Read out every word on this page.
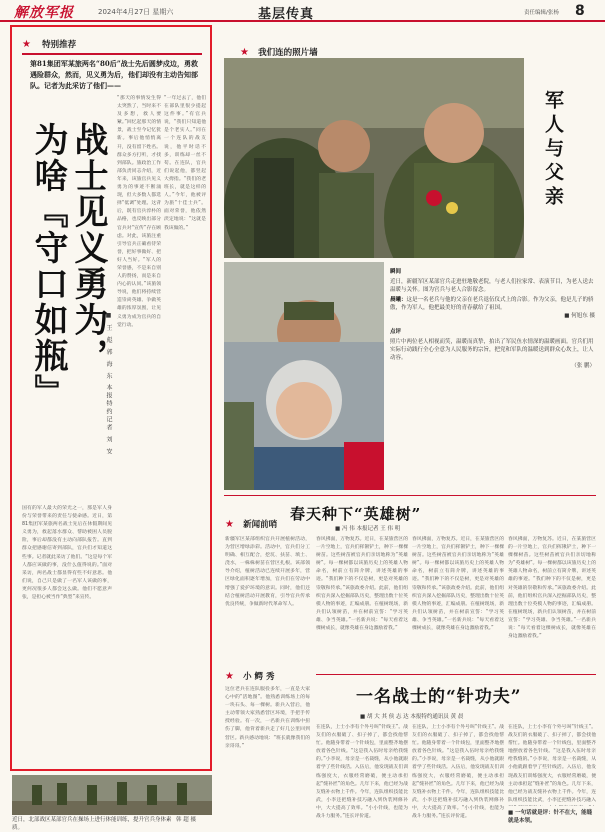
解放军报	2024年4月27日 星期六	基层传真	责任编辑/张杨 8
★ 特别推荐
第81集团军某旅两名“80后”战士先后圆梦戍边，勇救遇险群众，然而，见义勇为后，他们却没有主动告知部队。记者为此采访了他们——
战士见义勇为，
为啥『守口如瓶』	■ 王 彪 郭 海 东 本报特约记者 刘 安
国有的军人最大的荣光之一，那是军人身份与荣誉带来的责任与使命感。近日，第81集团军某旅两名战士先后在休假期间见义勇为，救起落水群众、帮助被困人员脱险，事后却都没有主动向部队报告。直到群众把感谢信寄到部队，官兵们才知道这些事。记者就此采访了他们。“这是每个军人都应该做的事，没什么值得说的。”面对采访，两名战士都显得有些不好意思。他们说，自己只是做了一名军人该做的事，更何况很多人都会这么做。他们不愿意声张，是担心被当作“典型”来宣传。
“那天的事情发生得太突然了，当时来不及多想，救人要紧。”回忆起那天的情景，战士至今记忆犹新。事后他悄悄离开，没有留下姓名。群众多方打听，才找到部队。旅政治工作部负责同志介绍，近年来，该旅官兵见义勇为的事迹不断涌现，但大多数人都选择“低调”处理。这背后，既有官兵淳朴的品格，也反映出部分官兵对“宣传”存在顾虑。对此，该旅注重引导官兵正确看待荣誉，把好事做好、把好人当好。“军人的荣誉感，不是来自别人的赞扬，而是来自内心的认同。”该旅领导说，他们将持续营造崇尚英雄、争做英雄的浓厚氛围，让见义勇为成为官兵的自觉行动。
“一年过去了，他们在部队里很少提起这件事。”有官兵说，“我们只知道他是个老实人。”同在一个连队的战友说，他平时话不多，训练却一丝不苟。在连队，官兵们说起他，都竖起大拇指。“我们的老班长，就是这样的人。”今年，他被评为旅“十佳士兵”。面对荣誉，他依然淡定地说：“这就是我该做的。”
★ 我们连的照片墙
军人与父亲
瞬间
近日，新疆军区某部官兵走进驻地敬老院，与老人们拉家常、表演节目，为老人送去温暖与关怀。图为官兵与老人合影留念。
晨曦：这是一名老兵与他的父亲在老兵退伍仪式上的合影。作为父亲，他是儿子的骄傲，作为军人，他把最美好的青春献给了祖国。
■ 何旭东 摄
点评
照片中两位老人相视而笑，温暖而真挚，拍出了军民鱼水情深的温暖画面。官兵们用实际行动践行全心全意为人民服务的宗旨，把党和军队的温暖送到群众心坎上，让人动容。
（张 鹏）
春天种下“英雄树”
■ 冯 伟 本报记者 王 伟 明
春风拂面，万物复苏。近日，在某旅营区的一片空地上，官兵们挥锹铲土，种下一棵棵树苗。这些树苗被官兵们亲切地称为“英雄树”。每一棵树都以该旅历史上的英雄人物命名，树前立有简介牌，讲述英雄的事迹。“我们种下的不仅是树，更是对英雄的崇敬和传承。”该旅政委介绍。此前，他们组织官兵深入挖掘部队历史，整理出数十位英模人物的事迹，汇编成册。在植树现场，新兵们认领树苗，并在树前宣誓：“学习英雄、争当英雄。”一名新兵说：“每天看着这棵树成长，就像英雄在身边激励着我。”
春风拂面，万物复苏。近日，在某旅营区的一片空地上，官兵们挥锹铲土，种下一棵棵树苗。这些树苗被官兵们亲切地称为“英雄树”。每一棵树都以该旅历史上的英雄人物命名，树前立有简介牌，讲述英雄的事迹。“我们种下的不仅是树，更是对英雄的崇敬和传承。”该旅政委介绍。此前，他们组织官兵深入挖掘部队历史，整理出数十位英模人物的事迹，汇编成册。在植树现场，新兵们认领树苗，并在树前宣誓：“学习英雄、争当英雄。”一名新兵说：“每天看着这棵树成长，就像英雄在身边激励着我。”
春风拂面，万物复苏。近日，在某旅营区的一片空地上，官兵们挥锹铲土，种下一棵棵树苗。这些树苗被官兵们亲切地称为“英雄树”。每一棵树都以该旅历史上的英雄人物命名，树前立有简介牌，讲述英雄的事迹。“我们种下的不仅是树，更是对英雄的崇敬和传承。”该旅政委介绍。此前，他们组织官兵深入挖掘部队历史，整理出数十位英模人物的事迹，汇编成册。在植树现场，新兵们认领树苗，并在树前宣誓：“学习英雄、争当英雄。”一名新兵说：“每天看着这棵树成长，就像英雄在身边激励着我。”
★ 新闻前哨
新疆军区某部组织官兵开展植树活动，为营区增绿添彩。活动中，官兵们分工明确、相互配合，挖坑、扶苗、填土、浇水，一株株树苗在营区扎根。该部领导介绍，植树活动已连续开展多年，营区绿化面积逐年增加，官兵们在劳动中增强了爱护环境的意识。同时，他们还结合植树活动开展教育，引导官兵传承优良传统，争做新时代革命军人。
★ 小 鳄 秀
这位老兵在连队服役多年，一直是大家心中的“活地图”。他熟悉训练场上的每一块石头、每一棵树。新兵入营后，他主动带领大家熟悉营区环境，手把手传授经验。有一次，一名新兵在训练中扭伤了脚，他背着新兵走了好几公里回到营区。新兵感动地说：“班长就像我们的亲哥哥。”
一名战士的“针功夫”
■ 胡 大 其 侯 志 达 本报特约通讯员 黄 晨
在连队，上士小李有个外号叫“针线王”。战友们的衣服破了、扣子掉了，都会找他帮忙。他随身带着一个针线包，里面整齐地摆放着各色针线。“这是我入伍时母亲给我缝的。”小李说，母亲是一名裁缝，从小他就跟着学了些针线活。入伍后，他发现战友们训练强度大，衣服经常磨破，便主动承担起“缝补匠”的角色。几年下来，他已经为战友缝补衣物上千件。今年，连队组织技能比武，小李还把缝补技巧融入到伪装网修补中，大大提高了效率。“小小针线，也能为战斗力服务。”连长评价道。
在连队，上士小李有个外号叫“针线王”。战友们的衣服破了、扣子掉了，都会找他帮忙。他随身带着一个针线包，里面整齐地摆放着各色针线。“这是我入伍时母亲给我缝的。”小李说，母亲是一名裁缝，从小他就跟着学了些针线活。入伍后，他发现战友们训练强度大，衣服经常磨破，便主动承担起“缝补匠”的角色。几年下来，他已经为战友缝补衣物上千件。今年，连队组织技能比武，小李还把缝补技巧融入到伪装网修补中，大大提高了效率。“小小针线，也能为战斗力服务。”连长评价道。
在连队，上士小李有个外号叫“针线王”。战友们的衣服破了、扣子掉了，都会找他帮忙。他随身带着一个针线包，里面整齐地摆放着各色针线。“这是我入伍时母亲给我缝的。”小李说，母亲是一名裁缝，从小他就跟着学了些针线活。入伍后，他发现战友们训练强度大，衣服经常磨破，便主动承担起“缝补匠”的角色。几年下来，他已经为战友缝补衣物上千件。今年，连队组织技能比武，小李还把缝补技巧融入
■ 一句话就是评：针不在大，能缝就是本领。
近日，北部战区某部官兵在操场上进行体能训练，提升官兵身体素质。
韩 超 摄
